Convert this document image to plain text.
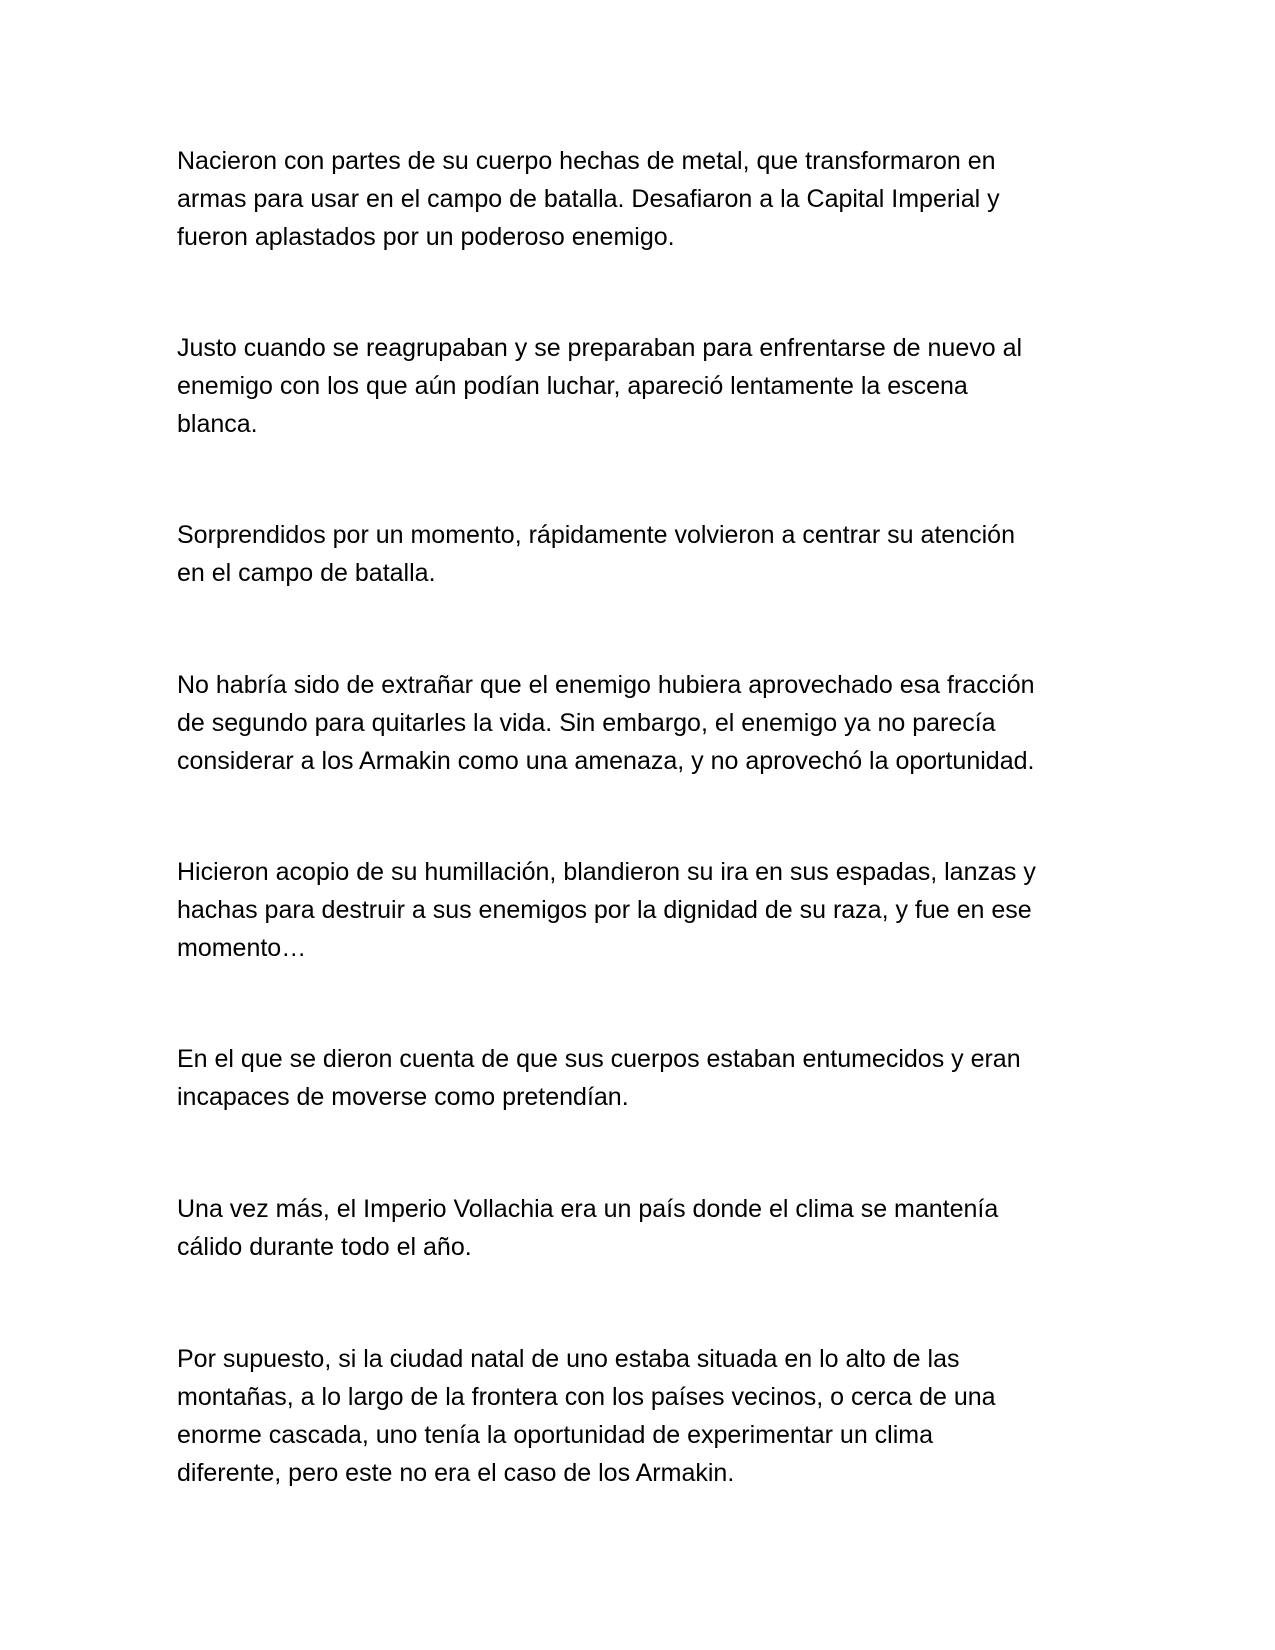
Nacieron con partes de su cuerpo hechas de metal, que transformaron en
armas para usar en el campo de batalla. Desafiaron a la Capital Imperial y
fueron aplastados por un poderoso enemigo.
Justo cuando se reagrupaban y se preparaban para enfrentarse de nuevo al
enemigo con los que aún podían luchar, apareció lentamente la escena
blanca.
Sorprendidos por un momento, rápidamente volvieron a centrar su atención
en el campo de batalla.
No habría sido de extrañar que el enemigo hubiera aprovechado esa fracción
de segundo para quitarles la vida. Sin embargo, el enemigo ya no parecía
considerar a los Armakin como una amenaza, y no aprovechó la oportunidad.
Hicieron acopio de su humillación, blandieron su ira en sus espadas, lanzas y
hachas para destruir a sus enemigos por la dignidad de su raza, y fue en ese
momento…
En el que se dieron cuenta de que sus cuerpos estaban entumecidos y eran
incapaces de moverse como pretendían.
Una vez más, el Imperio Vollachia era un país donde el clima se mantenía
cálido durante todo el año.
Por supuesto, si la ciudad natal de uno estaba situada en lo alto de las
montañas, a lo largo de la frontera con los países vecinos, o cerca de una
enorme cascada, uno tenía la oportunidad de experimentar un clima
diferente, pero este no era el caso de los Armakin.
